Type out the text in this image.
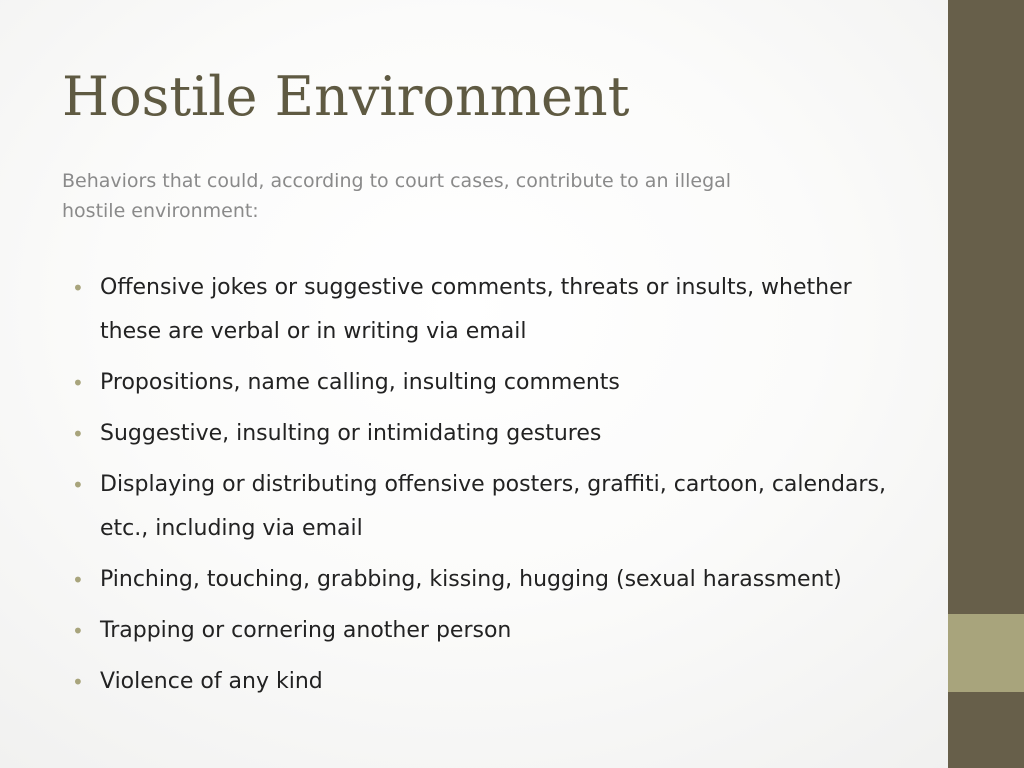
Hostile Environment

Behaviors that could, according to court cases, contribute to an illegal hostile environment:

• Offensive jokes or suggestive comments, threats or insults, whether these are verbal or in writing via email
• Propositions, name calling, insulting comments
• Suggestive, insulting or intimidating gestures
• Displaying or distributing offensive posters, graffiti, cartoon, calendars, etc., including via email
• Pinching, touching, grabbing, kissing, hugging (sexual harassment)
• Trapping or cornering another person
• Violence of any kind
